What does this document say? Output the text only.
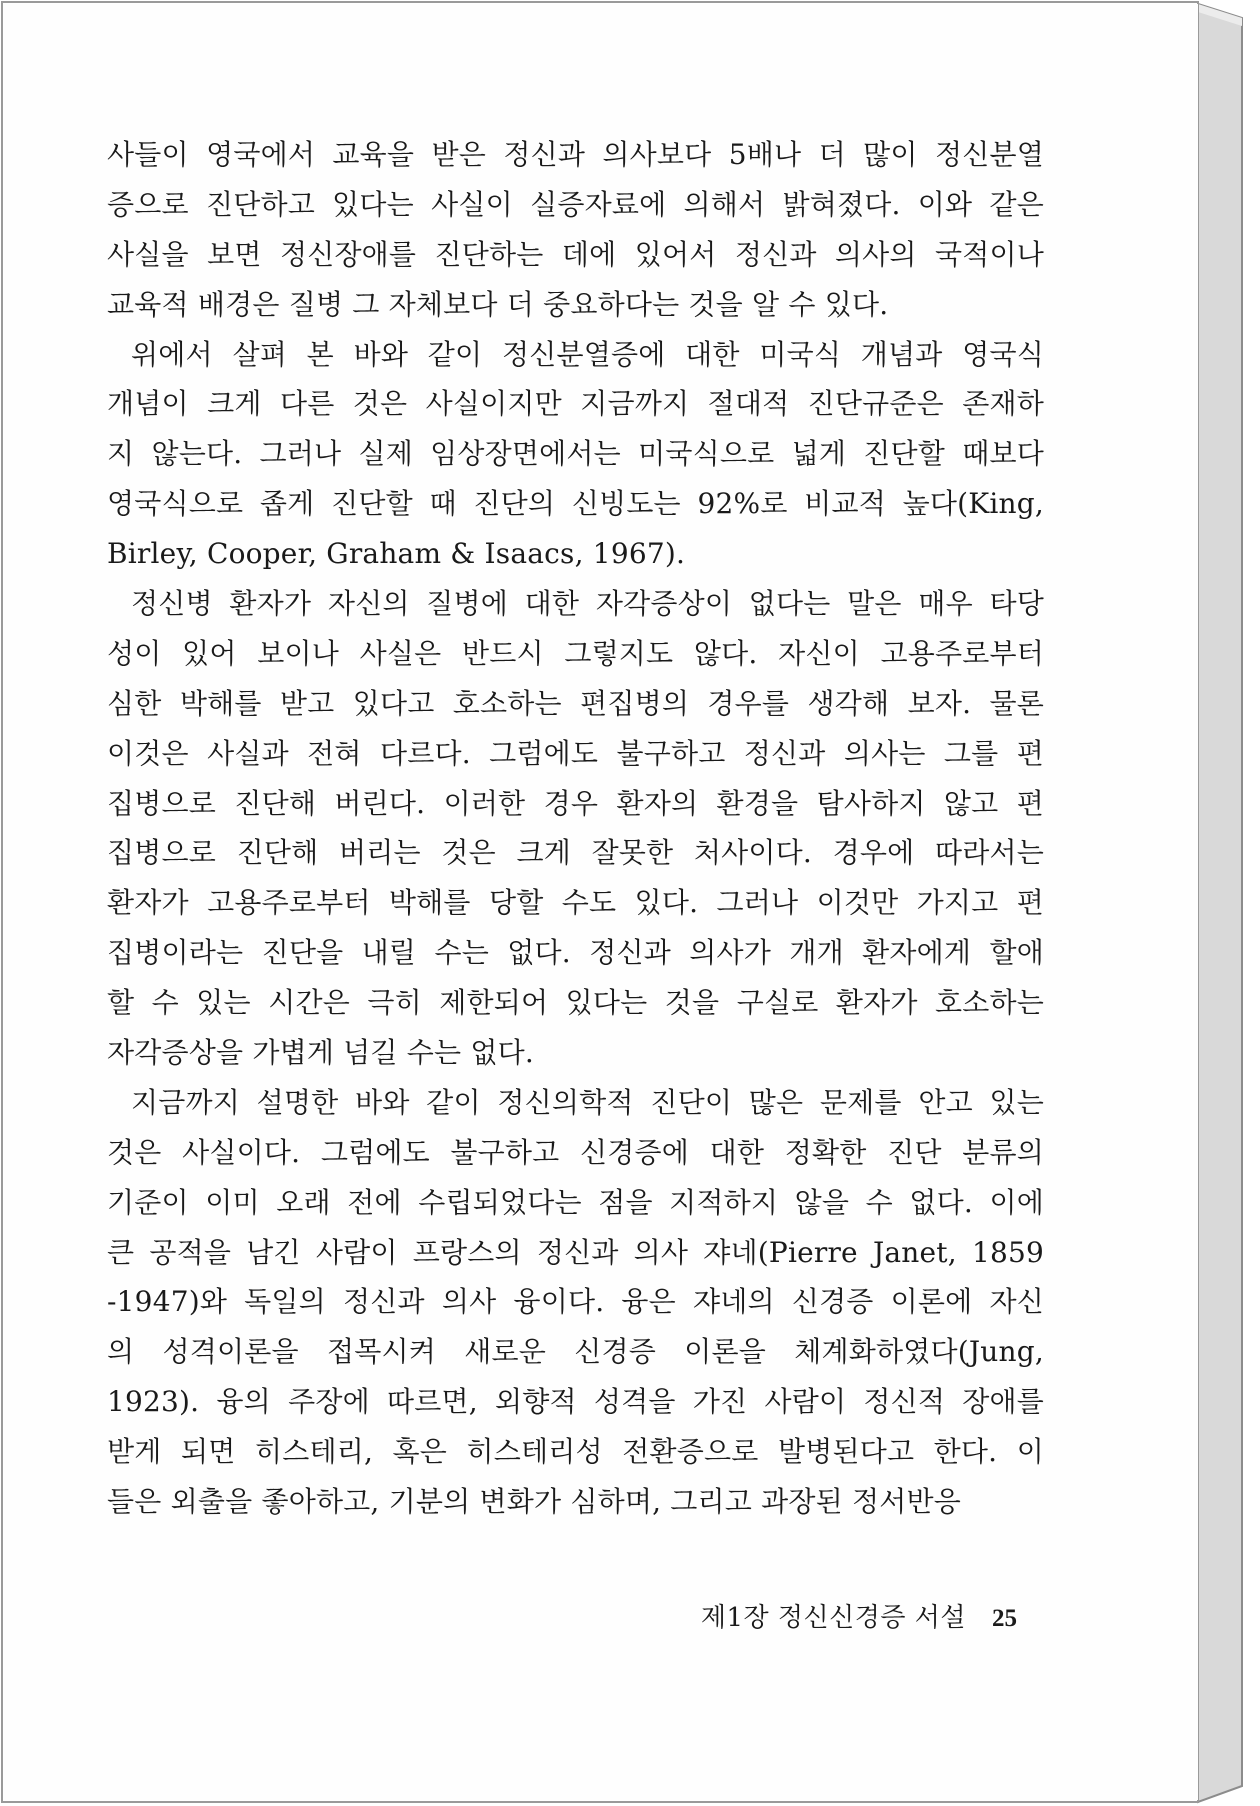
사들이 영국에서 교육을 받은 정신과 의사보다 5배나 더 많이 정신분열
증으로 진단하고 있다는 사실이 실증자료에 의해서 밝혀졌다. 이와 같은
사실을 보면 정신장애를 진단하는 데에 있어서 정신과 의사의 국적이나
교육적 배경은 질병 그 자체보다 더 중요하다는 것을 알 수 있다.
위에서 살펴 본 바와 같이 정신분열증에 대한 미국식 개념과 영국식
개념이 크게 다른 것은 사실이지만 지금까지 절대적 진단규준은 존재하
지 않는다. 그러나 실제 임상장면에서는 미국식으로 넓게 진단할 때보다
영국식으로 좁게 진단할 때 진단의 신빙도는 92%로 비교적 높다(King,
Birley, Cooper, Graham & Isaacs, 1967).
정신병 환자가 자신의 질병에 대한 자각증상이 없다는 말은 매우 타당
성이 있어 보이나 사실은 반드시 그렇지도 않다. 자신이 고용주로부터
심한 박해를 받고 있다고 호소하는 편집병의 경우를 생각해 보자. 물론
이것은 사실과 전혀 다르다. 그럼에도 불구하고 정신과 의사는 그를 편
집병으로 진단해 버린다. 이러한 경우 환자의 환경을 탐사하지 않고 편
집병으로 진단해 버리는 것은 크게 잘못한 처사이다. 경우에 따라서는
환자가 고용주로부터 박해를 당할 수도 있다. 그러나 이것만 가지고 편
집병이라는 진단을 내릴 수는 없다. 정신과 의사가 개개 환자에게 할애
할 수 있는 시간은 극히 제한되어 있다는 것을 구실로 환자가 호소하는
자각증상을 가볍게 넘길 수는 없다.
지금까지 설명한 바와 같이 정신의학적 진단이 많은 문제를 안고 있는
것은 사실이다. 그럼에도 불구하고 신경증에 대한 정확한 진단 분류의
기준이 이미 오래 전에 수립되었다는 점을 지적하지 않을 수 없다. 이에
큰 공적을 남긴 사람이 프랑스의 정신과 의사 쟈네(Pierre Janet, 1859
-1947)와 독일의 정신과 의사 융이다. 융은 쟈네의 신경증 이론에 자신
의 성격이론을 접목시켜 새로운 신경증 이론을 체계화하였다(Jung,
1923). 융의 주장에 따르면, 외향적 성격을 가진 사람이 정신적 장애를
받게 되면 히스테리, 혹은 히스테리성 전환증으로 발병된다고 한다. 이
들은 외출을 좋아하고, 기분의 변화가 심하며, 그리고 과장된 정서반응
제1장 정신신경증 서설 25
